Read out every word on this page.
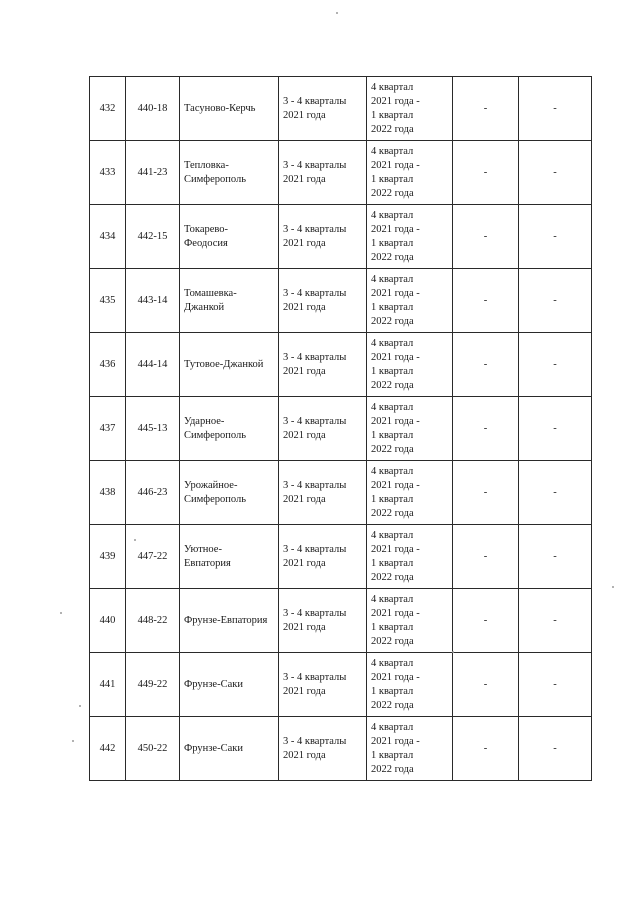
432	440-18	Тасуново-Керчь	3 - 4 кварталы
2021 года	4 квартал
2021 года -
1 квартал
2022 года	-	-
433	441-23	Тепловка-
Симферополь	3 - 4 кварталы
2021 года	4 квартал
2021 года -
1 квартал
2022 года	-	-
434	442-15	Токарево-
Феодосия	3 - 4 кварталы
2021 года	4 квартал
2021 года -
1 квартал
2022 года	-	-
435	443-14	Томашевка-
Джанкой	3 - 4 кварталы
2021 года	4 квартал
2021 года -
1 квартал
2022 года	-	-
436	444-14	Тутовое-Джанкой	3 - 4 кварталы
2021 года	4 квартал
2021 года -
1 квартал
2022 года	-	-
437	445-13	Ударное-
Симферополь	3 - 4 кварталы
2021 года	4 квартал
2021 года -
1 квартал
2022 года	-	-
438	446-23	Урожайное-
Симферополь	3 - 4 кварталы
2021 года	4 квартал
2021 года -
1 квартал
2022 года	-	-
439	447-22	Уютное-
Евпатория	3 - 4 кварталы
2021 года	4 квартал
2021 года -
1 квартал
2022 года	-	-
440	448-22	Фрунзе-Евпатория	3 - 4 кварталы
2021 года	4 квартал
2021 года -
1 квартал
2022 года	-	-
441	449-22	Фрунзе-Саки	3 - 4 кварталы
2021 года	4 квартал
2021 года -
1 квартал
2022 года	-	-
442	450-22	Фрунзе-Саки	3 - 4 кварталы
2021 года	4 квартал
2021 года -
1 квартал
2022 года	-	-
